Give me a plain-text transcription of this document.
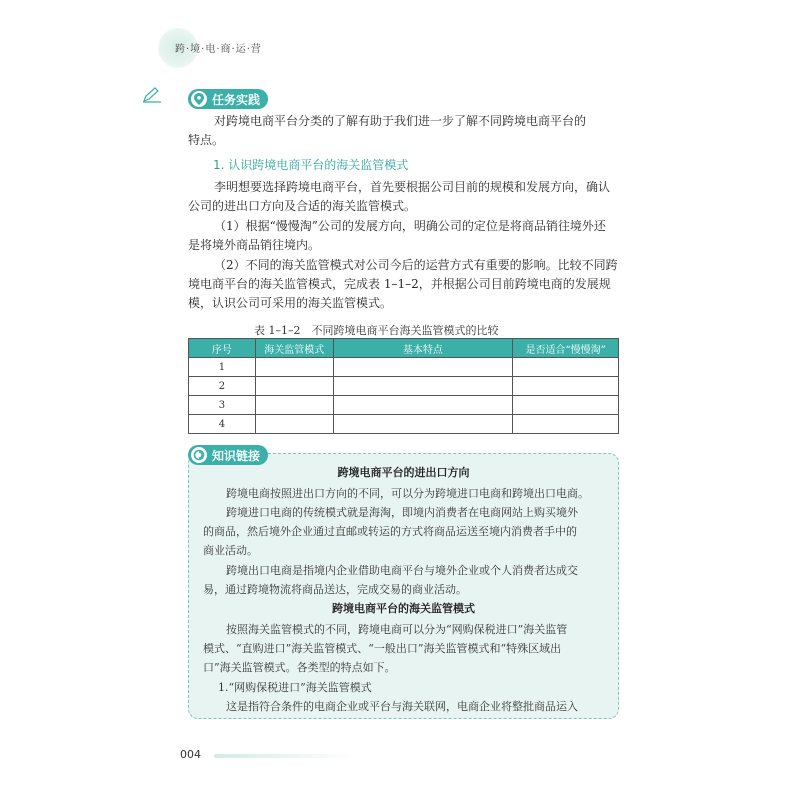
跨·境·电·商·运·营
任务实践
对跨境电商平台分类的了解有助于我们进一步了解不同跨境电商平台的
特点。
1. 认识跨境电商平台的海关监管模式
李明想要选择跨境电商平台，首先要根据公司目前的规模和发展方向，确认
公司的进出口方向及合适的海关监管模式。
（1）根据“慢慢淘”公司的发展方向，明确公司的定位是将商品销往境外还
是将境外商品销往境内。
（2）不同的海关监管模式对公司今后的运营方式有重要的影响。比较不同跨
境电商平台的海关监管模式，完成表 1–1–2，并根据公司目前跨境电商的发展规
模，认识公司可采用的海关监管模式。
表 1–1–2　不同跨境电商平台海关监管模式的比较
序号	海关监管模式	基本特点	是否适合“慢慢淘”
1			
2			
3			
4			
知识链接
跨境电商平台的进出口方向
跨境电商按照进出口方向的不同，可以分为跨境进口电商和跨境出口电商。
跨境进口电商的传统模式就是海淘，即境内消费者在电商网站上购买境外
的商品，然后境外企业通过直邮或转运的方式将商品运送至境内消费者手中的
商业活动。
跨境出口电商是指境内企业借助电商平台与境外企业或个人消费者达成交
易，通过跨境物流将商品送达，完成交易的商业活动。
跨境电商平台的海关监管模式
按照海关监管模式的不同，跨境电商可以分为“网购保税进口”海关监管
模式、“直购进口”海关监管模式、“一般出口”海关监管模式和“特殊区域出
口”海关监管模式。各类型的特点如下。
1.“网购保税进口”海关监管模式
这是指符合条件的电商企业或平台与海关联网，电商企业将整批商品运入
004
